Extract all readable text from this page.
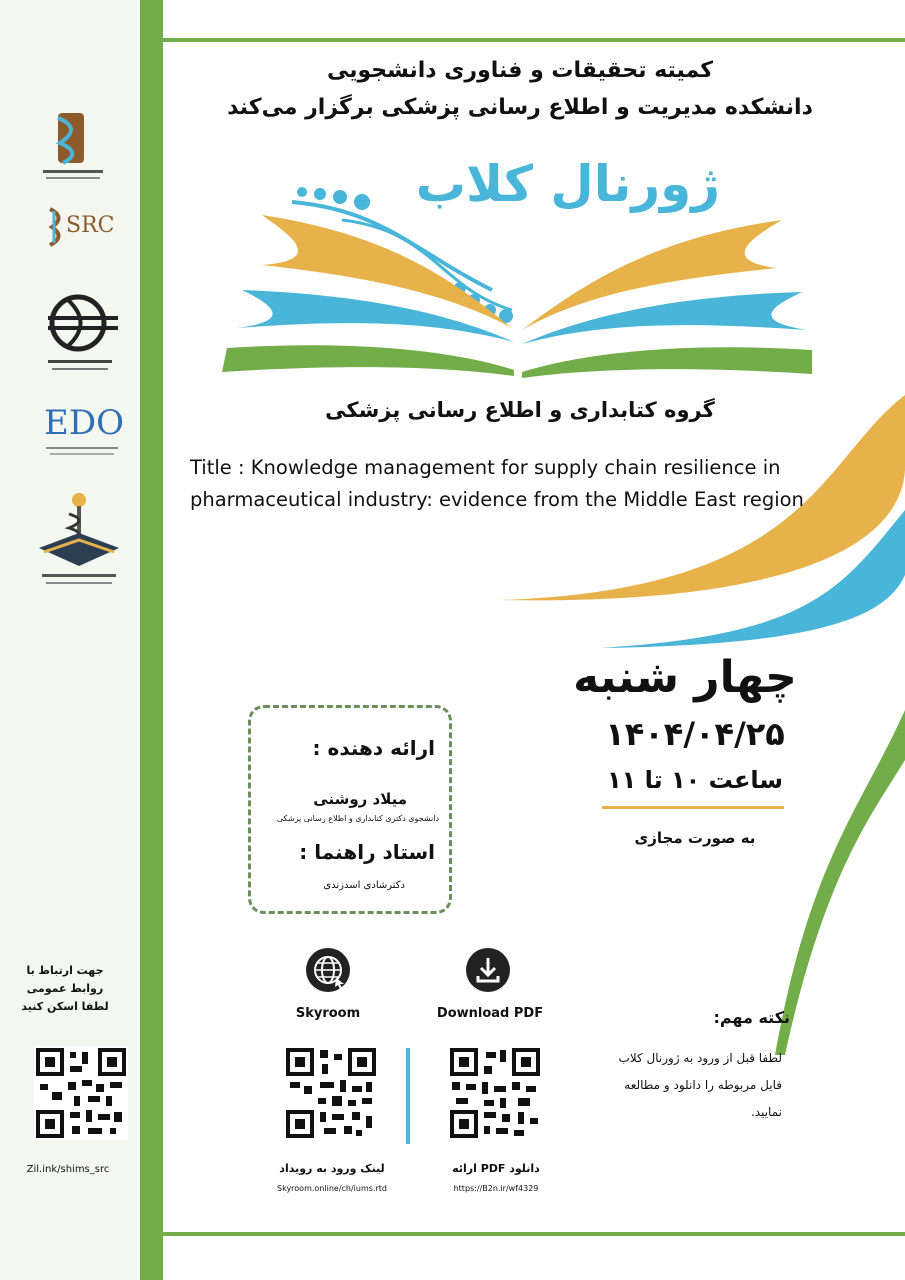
SRC
EDO
کمیته تحقیقات و فناوری دانشجویی
دانشکده مدیریت و اطلاع رسانی پزشکی برگزار می‌کند
ژورنال کلاب
گروه کتابداری و اطلاع رسانی پزشکی
Title : Knowledge management for supply chain resilience in
pharmaceutical industry: evidence from the Middle East region
چهار شنبه
۱۴۰۴/۰۴/۲۵
ساعت ۱۰ تا ۱۱
به صورت مجازی
ارائه دهنده :
میلاد روشنی
دانشجوی دکتری کتابداری و اطلاع رسانی پزشکی
استاد راهنما :
دکترشادی اسدزندی
جهت ارتباط با
روابط عمومی
لطفا اسکن کنید
Zil.ink/shims_src
Skyroom
لینک ورود به رویداد
Skyroom.online/ch/iums.rtd
Download PDF
دانلود PDF ارائه
https://B2n.ir/wf4329
نکته مهم:
لطفا قبل از ورود به ژورنال کلاب
فایل مربوطه را دانلود و مطالعه
نمایید.
